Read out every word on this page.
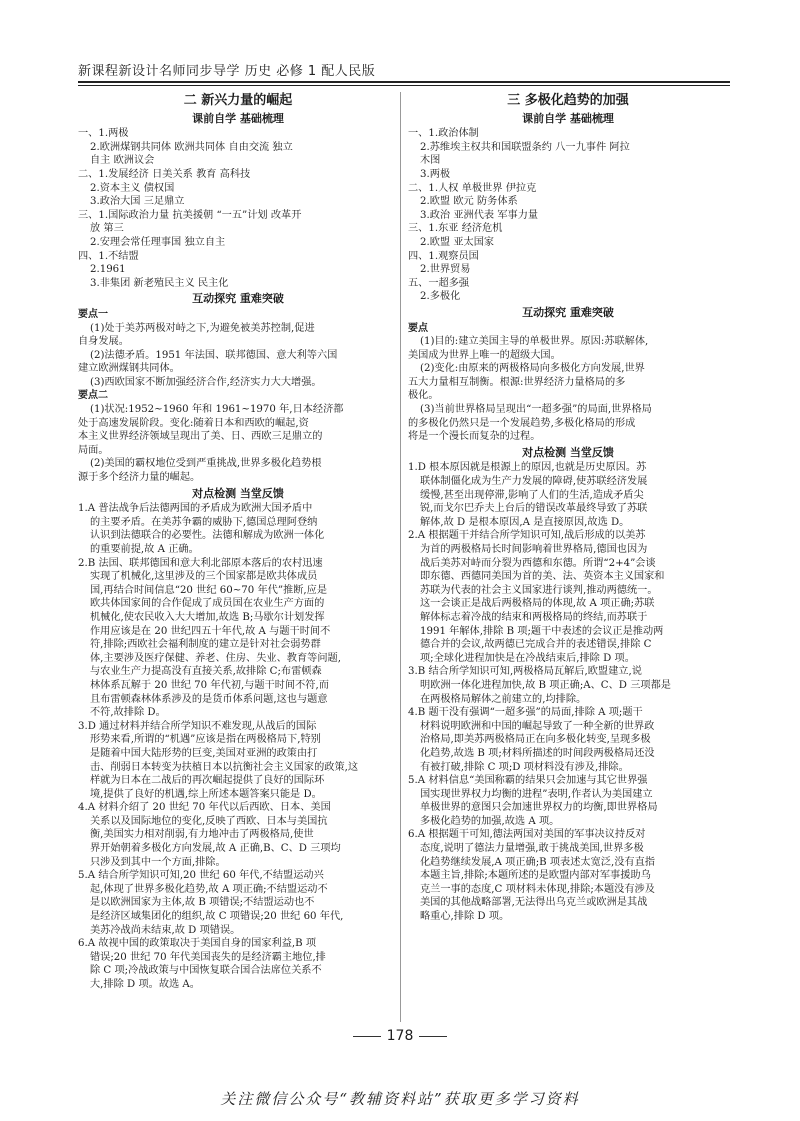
新课程新设计名师同步导学 历史 必修 1 配人民版
二 新兴力量的崛起
课前自学 基础梳理
一、1.两极
2.欧洲煤钢共同体 欧洲共同体 自由交流 独立
自主 欧洲议会
二、1.发展经济 日美关系 教育 高科技
2.资本主义 债权国
3.政治大国 三足鼎立
三、1.国际政治力量 抗美援朝 “一五”计划 改革开
放 第三
2.安理会常任理事国 独立自主
四、1.不结盟
2.1961
3.非集团 新老殖民主义 民主化
互动探究 重难突破
要点一
(1)处于美苏两极对峙之下,为避免被美苏控制,促进
自身发展。
(2)法德矛盾。1951 年法国、联邦德国、意大利等六国
建立欧洲煤钢共同体。
(3)西欧国家不断加强经济合作,经济实力大大增强。
要点二
(1)状况:1952~1960 年和 1961~1970 年,日本经济都
处于高速发展阶段。变化:随着日本和西欧的崛起,资
本主义世界经济领域呈现出了美、日、西欧三足鼎立的
局面。
(2)美国的霸权地位受到严重挑战,世界多极化趋势根
源于多个经济力量的崛起。
对点检测 当堂反馈
1.A 普法战争后法德两国的矛盾成为欧洲大国矛盾中
的主要矛盾。在美苏争霸的威胁下,德国总理阿登纳
认识到法德联合的必要性。法德和解成为欧洲一体化
的重要前提,故 A 正确。
2.B 法国、联邦德国和意大利北部原本落后的农村迅速
实现了机械化,这里涉及的三个国家都是欧共体成员
国,再结合时间信息“20 世纪 60~70 年代”推断,应是
欧共体国家间的合作促成了成员国在农业生产方面的
机械化,使农民收入大大增加,故选 B;马歇尔计划发挥
作用应该是在 20 世纪四五十年代,故 A 与题干时间不
符,排除;西欧社会福利制度的建立是针对社会弱势群
体,主要涉及医疗保健、养老、住房、失业、教育等问题,
与农业生产力提高没有直接关系,故排除 C;布雷顿森
林体系瓦解于 20 世纪 70 年代初,与题干时间不符,而
且布雷顿森林体系涉及的是货币体系问题,这也与题意
不符,故排除 D。
3.D 通过材料并结合所学知识不难发现,从战后的国际
形势来看,所谓的“机遇”应该是指在两极格局下,特别
是随着中国大陆形势的巨变,美国对亚洲的政策由打
击、削弱日本转变为扶植日本以抗衡社会主义国家的政策,这
样就为日本在二战后的再次崛起提供了良好的国际环
境,提供了良好的机遇,综上所述本题答案只能是 D。
4.A 材料介绍了 20 世纪 70 年代以后西欧、日本、美国
关系以及国际地位的变化,反映了西欧、日本与美国抗
衡,美国实力相对削弱,有力地冲击了两极格局,使世
界开始朝着多极化方向发展,故 A 正确,B、C、D 三项均
只涉及到其中一个方面,排除。
5.A 结合所学知识可知,20 世纪 60 年代,不结盟运动兴
起,体现了世界多极化趋势,故 A 项正确;不结盟运动不
是以欧洲国家为主体,故 B 项错误;不结盟运动也不
是经济区域集团化的组织,故 C 项错误;20 世纪 60 年代,
美苏冷战尚未结束,故 D 项错误。
6.A 故视中国的政策取决于美国自身的国家利益,B 项
错误;20 世纪 70 年代美国丧失的是经济霸主地位,排
除 C 项;冷战政策与中国恢复联合国合法席位关系不
大,排除 D 项。故选 A。
三 多极化趋势的加强
课前自学 基础梳理
一、1.政治体制
2.苏维埃主权共和国联盟条约 八一九事件 阿拉
木图
3.两极
二、1.人权 单极世界 伊拉克
2.欧盟 欧元 防务体系
3.政治 亚洲代表 军事力量
三、1.东亚 经济危机
2.欧盟 亚太国家
四、1.观察员国
2.世界贸易
五、一超多强
2.多极化
互动探究 重难突破
要点
(1)目的:建立美国主导的单极世界。原因:苏联解体,
美国成为世界上唯一的超级大国。
(2)变化:由原来的两极格局向多极化方向发展,世界
五大力量相互制衡。根源:世界经济力量格局的多
极化。
(3)当前世界格局呈现出“一超多强”的局面,世界格局
的多极化仍然只是一个发展趋势,多极化格局的形成
将是一个漫长而复杂的过程。
对点检测 当堂反馈
1.D 根本原因就是根源上的原因,也就是历史原因。苏
联体制僵化成为生产力发展的障碍,使苏联经济发展
缓慢,甚至出现停滞,影响了人们的生活,造成矛盾尖
锐,而戈尔巴乔夫上台后的错误改革最终导致了苏联
解体,故 D 是根本原因,A 是直接原因,故选 D。
2.A 根据题干并结合所学知识可知,战后形成的以美苏
为首的两极格局长时间影响着世界格局,德国也因为
战后美苏对峙而分裂为西德和东德。所谓“2+4”会谈
即东德、西德同美国为首的美、法、英资本主义国家和
苏联为代表的社会主义国家进行谈判,推动两德统一。
这一会谈正是战后两极格局的体现,故 A 项正确;苏联
解体标志着冷战的结束和两极格局的终结,而苏联于
1991 年解体,排除 B 项;题干中表述的会议正是推动两
德合并的会议,故两德已完成合并的表述错误,排除 C
项;全球化进程加快是在冷战结束后,排除 D 项。
3.B 结合所学知识可知,两极格局瓦解后,欧盟建立,说
明欧洲一体化进程加快,故 B 项正确;A、C、D 三项都是
在两极格局解体之前建立的,均排除。
4.B 题干没有强调“一超多强”的局面,排除 A 项;题干
材料说明欧洲和中国的崛起导致了一种全新的世界政
治格局,即美苏两极格局正在向多极化转变,呈现多极
化趋势,故选 B 项;材料所描述的时间段两极格局还没
有被打破,排除 C 项;D 项材料没有涉及,排除。
5.A 材料信息“美国称霸的结果只会加速与其它世界强
国实现世界权力均衡的进程”表明,作者认为美国建立
单极世界的意图只会加速世界权力的均衡,即世界格局
多极化趋势的加强,故选 A 项。
6.A 根据题干可知,德法两国对美国的军事决议持反对
态度,说明了德法力量增强,敢于挑战美国,世界多极
化趋势继续发展,A 项正确;B 项表述太宽泛,没有直指
本题主旨,排除;本题所述的是欧盟内部对军事援助乌
克兰一事的态度,C 项材料未体现,排除;本题没有涉及
美国的其他战略部署,无法得出乌克兰或欧洲是其战
略重心,排除 D 项。
178
关注微信公众号“教辅资料站”获取更多学习资料
